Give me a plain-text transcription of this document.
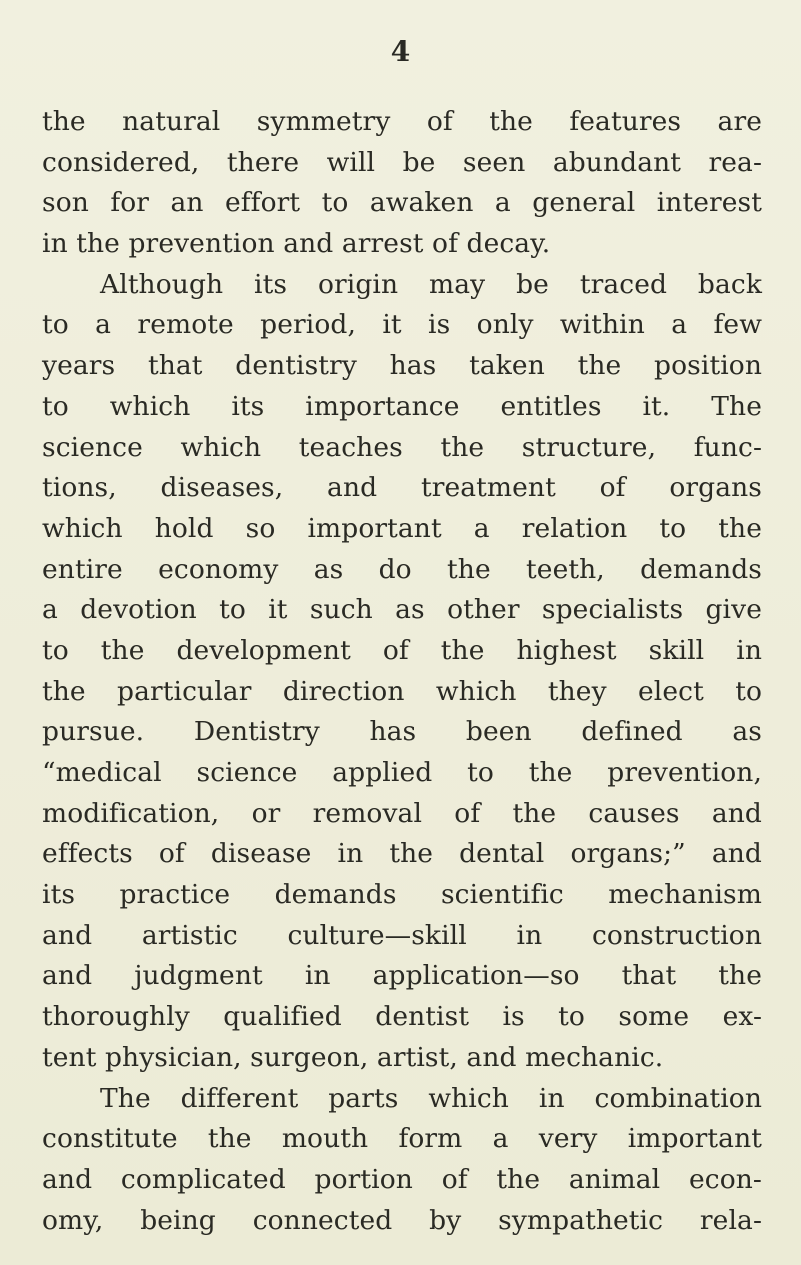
4
the natural symmetry of the features are
considered, there will be seen abundant rea-
son for an effort to awaken a general interest
in the prevention and arrest of decay.
Although its origin may be traced back
to a remote period, it is only within a few
years that dentistry has taken the position
to which its importance entitles it. The
science which teaches the structure, func-
tions, diseases, and treatment of organs
which hold so important a relation to the
entire economy as do the teeth, demands
a devotion to it such as other specialists give
to the development of the highest skill in
the particular direction which they elect to
pursue. Dentistry has been defined as
“medical science applied to the prevention,
modification, or removal of the causes and
effects of disease in the dental organs;” and
its practice demands scientific mechanism
and artistic culture—skill in construction
and judgment in application—so that the
thoroughly qualified dentist is to some ex-
tent physician, surgeon, artist, and mechanic.
The different parts which in combination
constitute the mouth form a very important
and complicated portion of the animal econ-
omy, being connected by sympathetic rela-
